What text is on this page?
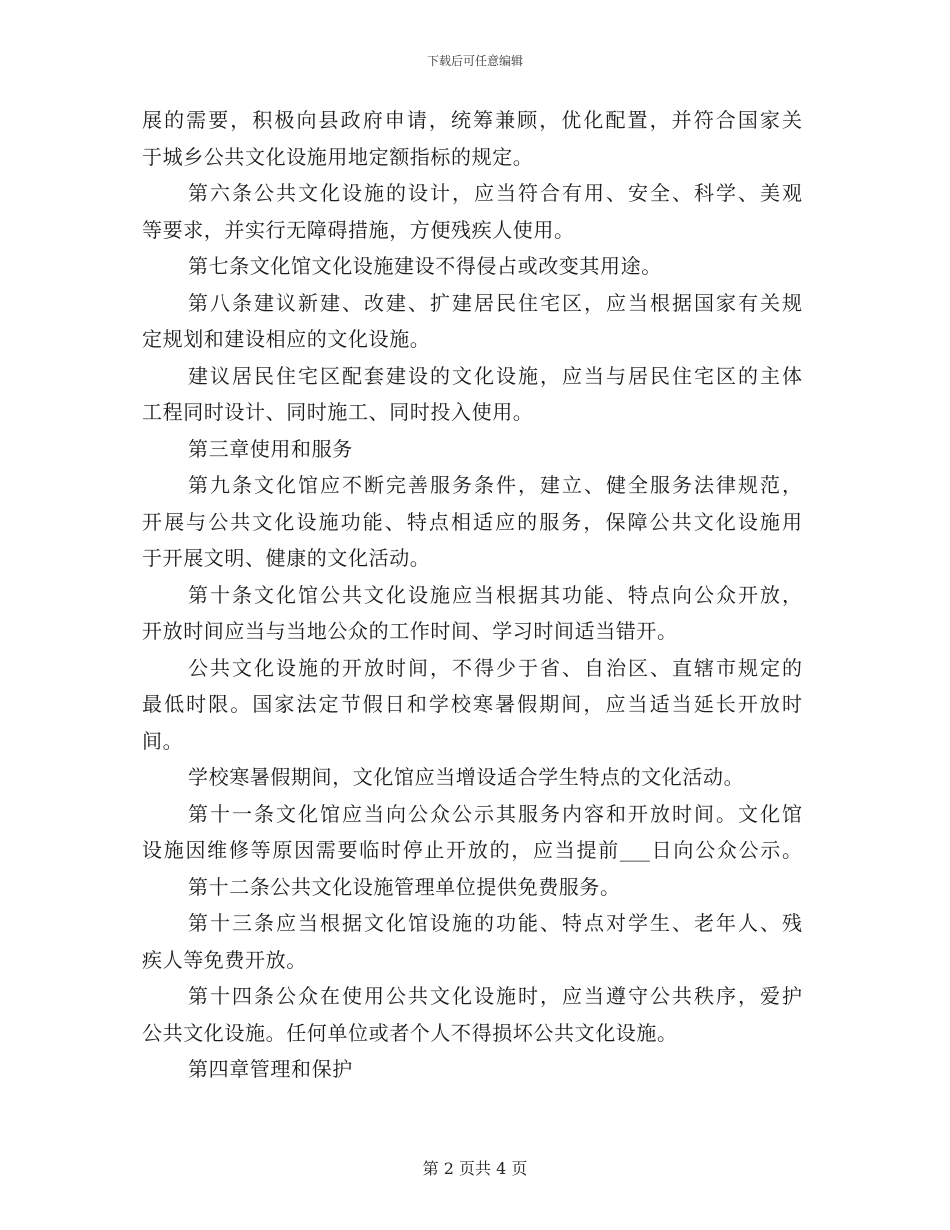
下载后可任意编辑
展的需要，积极向县政府申请，统筹兼顾，优化配置，并符合国家关
于城乡公共文化设施用地定额指标的规定。
第六条公共文化设施的设计，应当符合有用、安全、科学、美观
等要求，并实行无障碍措施，方便残疾人使用。
第七条文化馆文化设施建设不得侵占或改变其用途。
第八条建议新建、改建、扩建居民住宅区，应当根据国家有关规
定规划和建设相应的文化设施。
建议居民住宅区配套建设的文化设施，应当与居民住宅区的主体
工程同时设计、同时施工、同时投入使用。
第三章使用和服务
第九条文化馆应不断完善服务条件，建立、健全服务法律规范，
开展与公共文化设施功能、特点相适应的服务，保障公共文化设施用
于开展文明、健康的文化活动。
第十条文化馆公共文化设施应当根据其功能、特点向公众开放，
开放时间应当与当地公众的工作时间、学习时间适当错开。
公共文化设施的开放时间，不得少于省、自治区、直辖市规定的
最低时限。国家法定节假日和学校寒暑假期间，应当适当延长开放时
间。
学校寒暑假期间，文化馆应当增设适合学生特点的文化活动。
第十一条文化馆应当向公众公示其服务内容和开放时间。文化馆
设施因维修等原因需要临时停止开放的，应当提前___日向公众公示。
第十二条公共文化设施管理单位提供免费服务。
第十三条应当根据文化馆设施的功能、特点对学生、老年人、残
疾人等免费开放。
第十四条公众在使用公共文化设施时，应当遵守公共秩序，爱护
公共文化设施。任何单位或者个人不得损坏公共文化设施。
第四章管理和保护
第 2 页共 4 页
